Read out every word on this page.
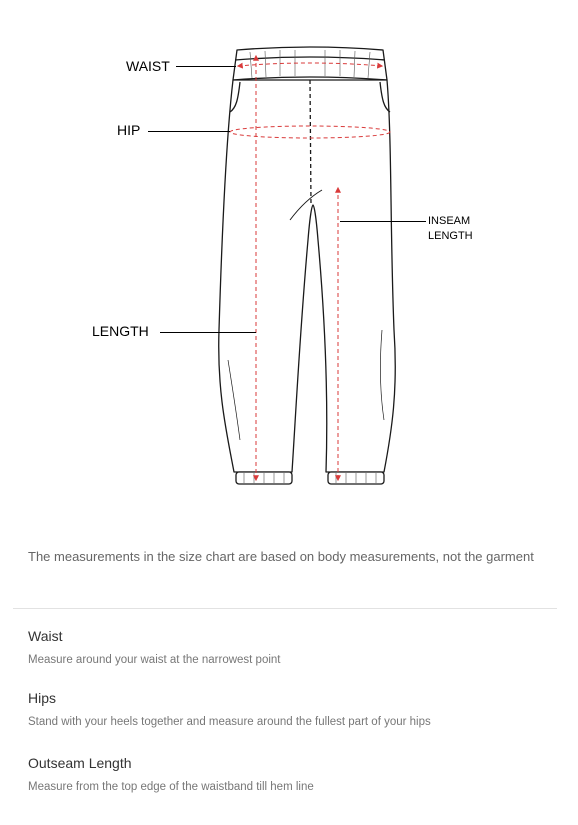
WAIST
HIP
INSEAM
LENGTH
LENGTH
The measurements in the size chart are based on body measurements, not the garment
Waist
Measure around your waist at the narrowest point
Hips
Stand with your heels together and measure around the fullest part of your hips
Outseam Length
Measure from the top edge of the waistband till hem line
